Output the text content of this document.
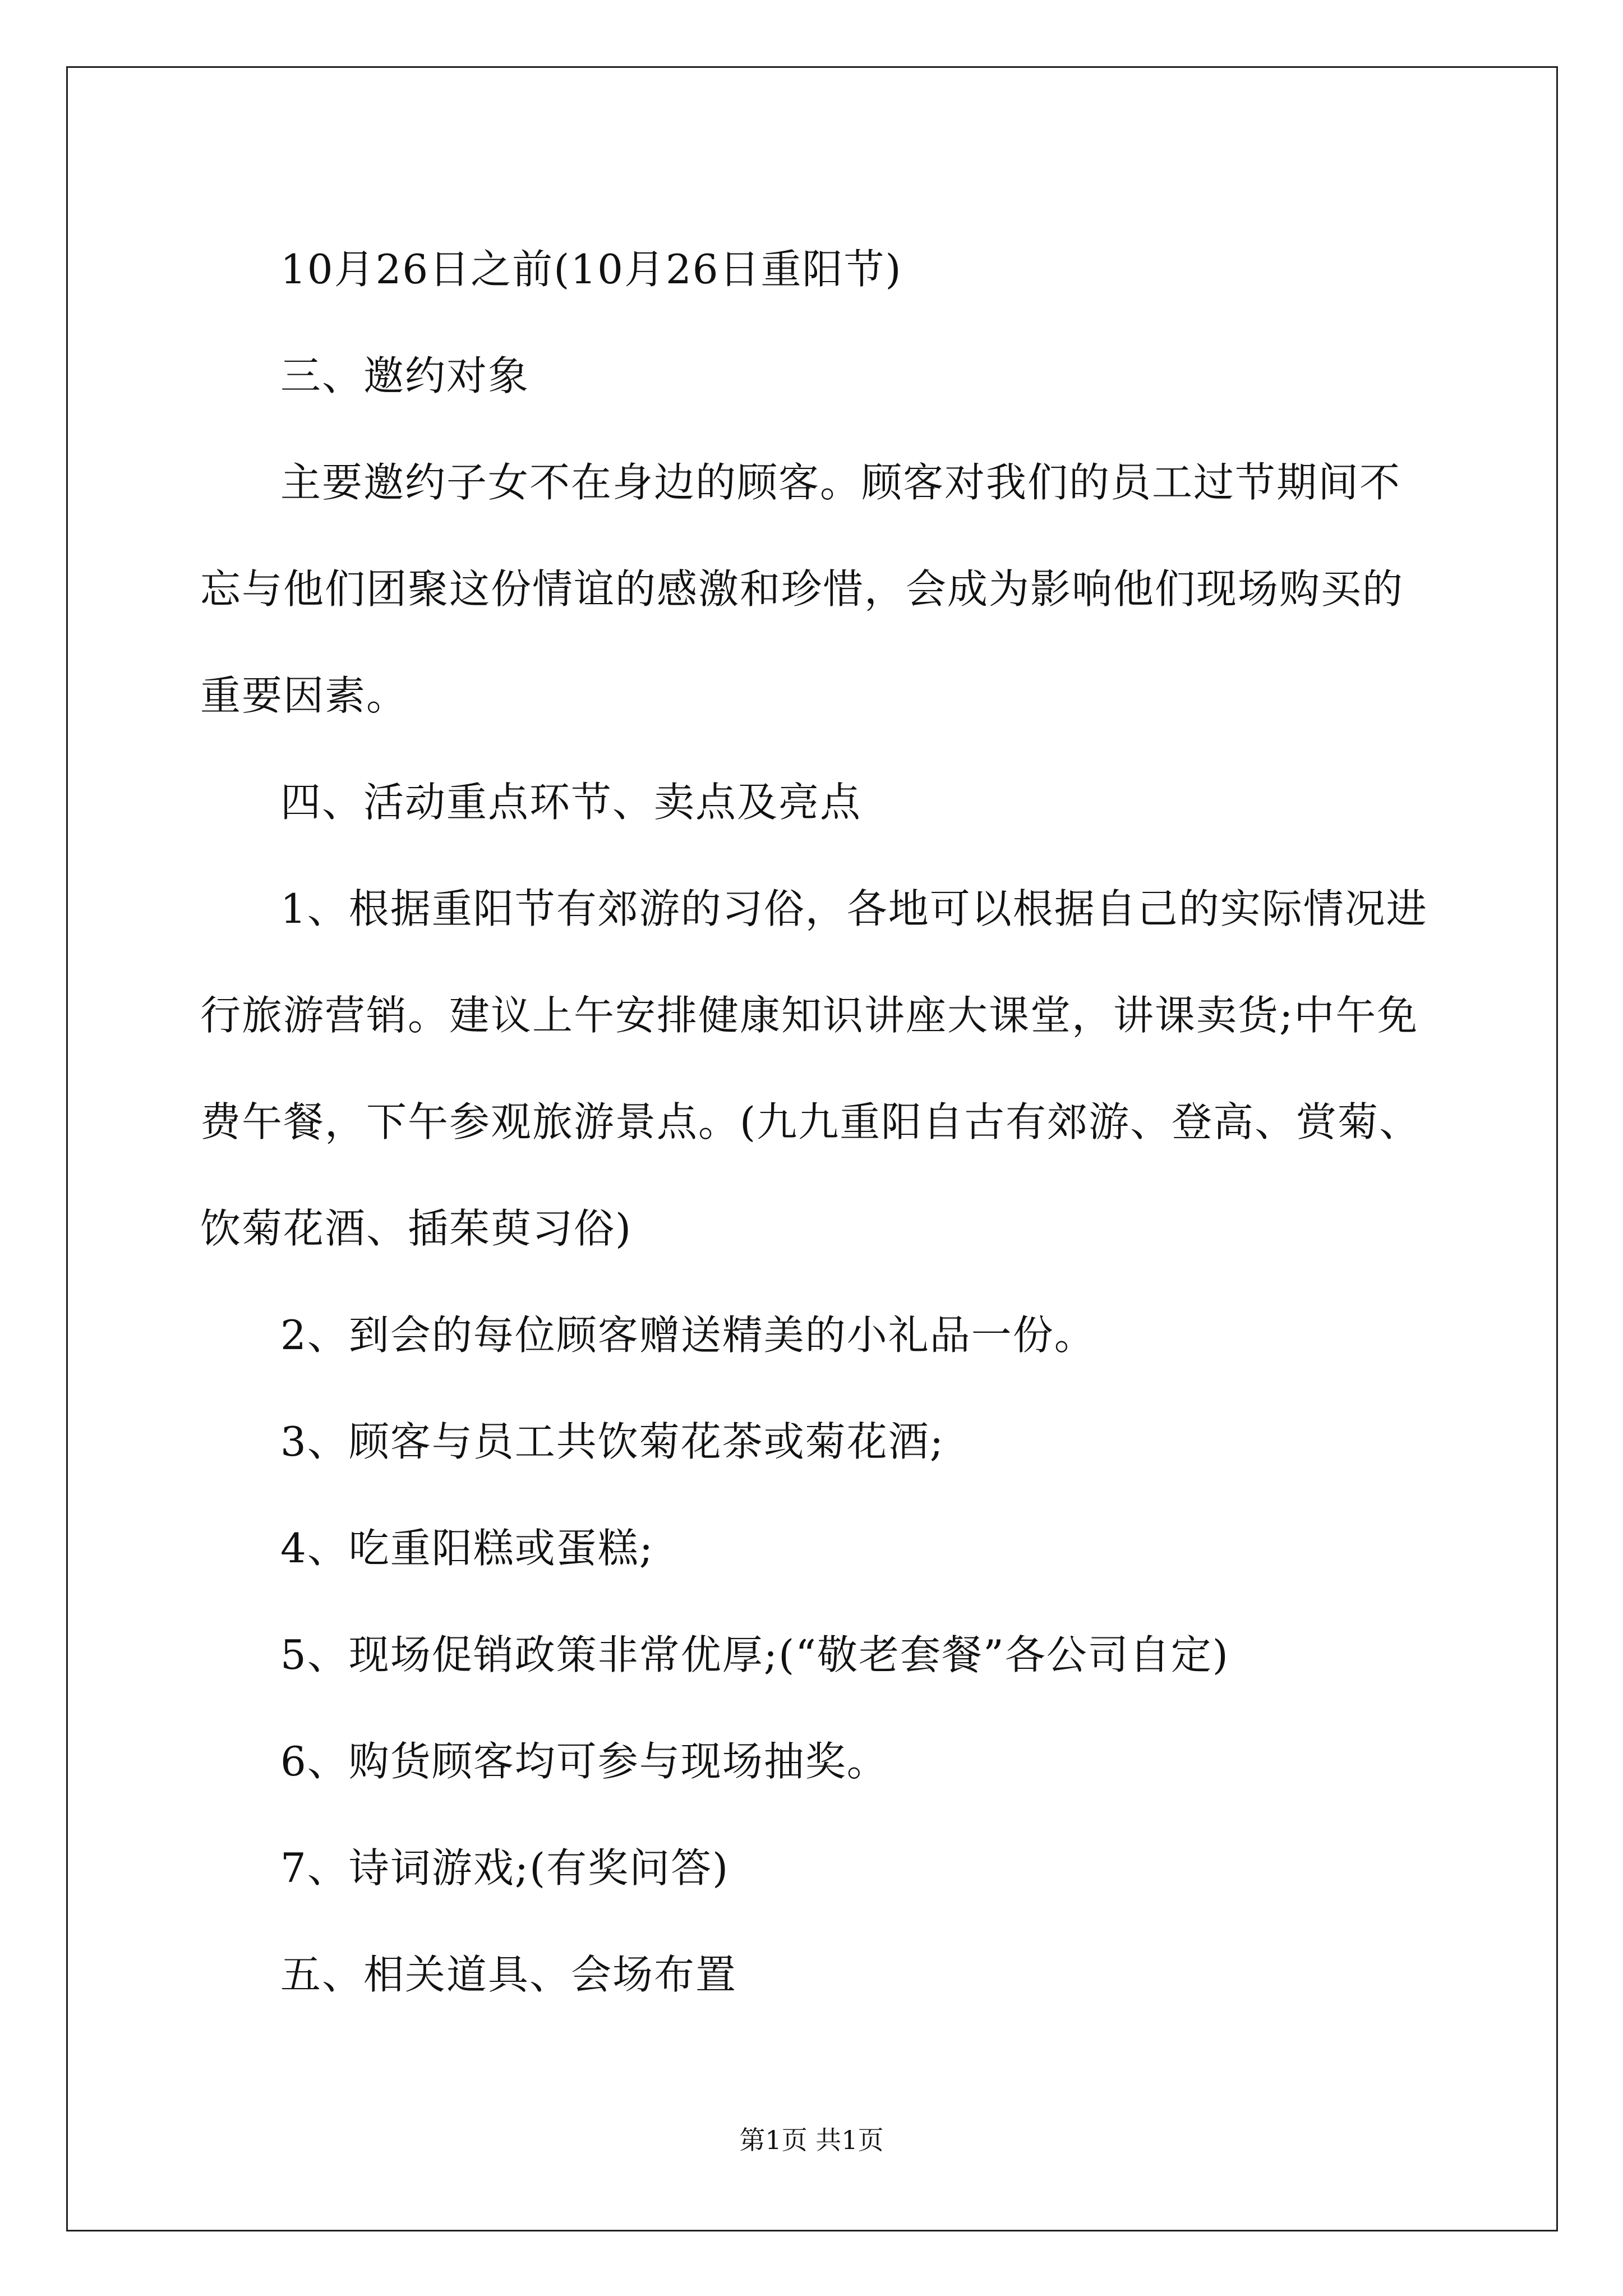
10月26日之前(10月26日重阳节)

三、邀约对象

主要邀约子女不在身边的顾客。顾客对我们的员工过节期间不忘与他们团聚这份情谊的感激和珍惜，会成为影响他们现场购买的重要因素。

四、活动重点环节、卖点及亮点

1、根据重阳节有郊游的习俗，各地可以根据自己的实际情况进行旅游营销。建议上午安排健康知识讲座大课堂，讲课卖货;中午免费午餐，下午参观旅游景点。(九九重阳自古有郊游、登高、赏菊、饮菊花酒、插茱萸习俗)

2、到会的每位顾客赠送精美的小礼品一份。

3、顾客与员工共饮菊花茶或菊花酒;

4、吃重阳糕或蛋糕;

5、现场促销政策非常优厚;(“敬老套餐”各公司自定)

6、购货顾客均可参与现场抽奖。

7、诗词游戏;(有奖问答)

五、相关道具、会场布置

第1页 共1页
